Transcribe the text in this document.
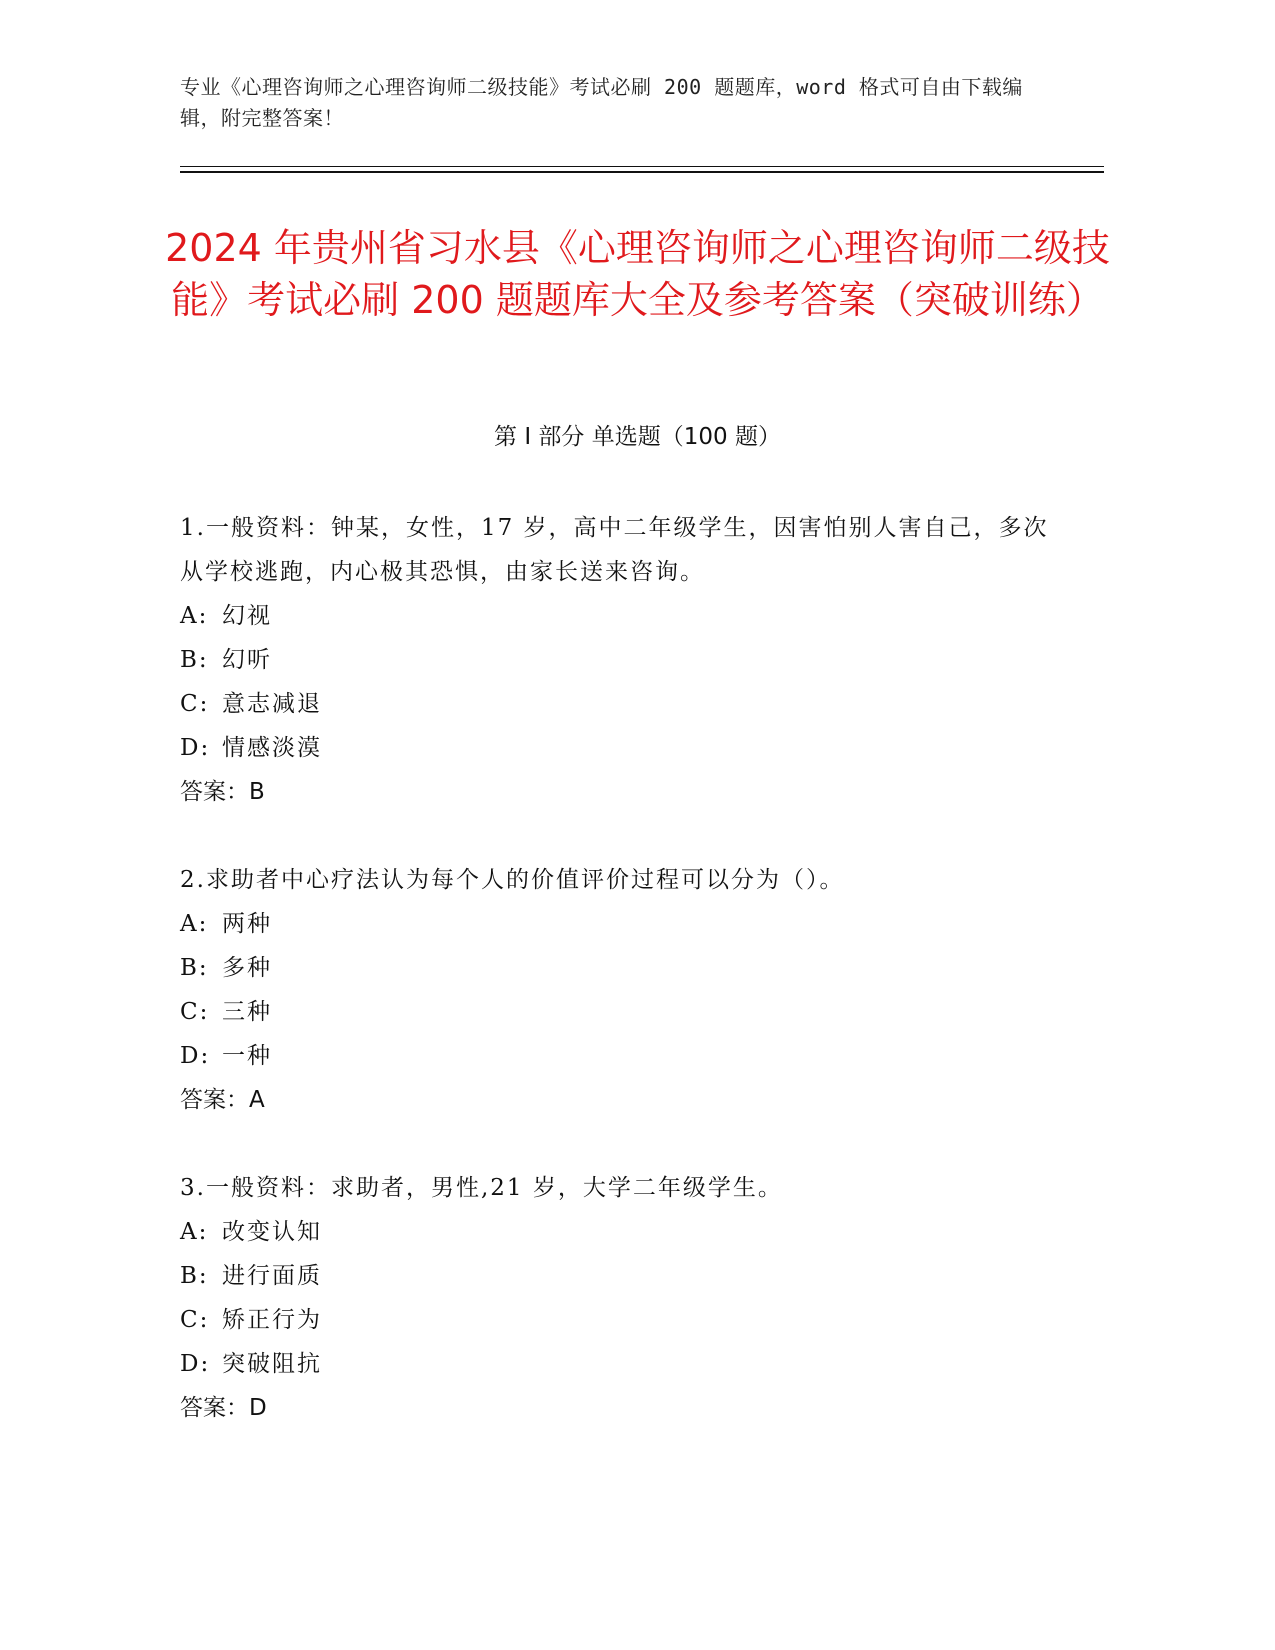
专业《心理咨询师之心理咨询师二级技能》考试必刷 200 题题库，word 格式可自由下载编辑，附完整答案！
2024 年贵州省习水县《心理咨询师之心理咨询师二级技能》考试必刷 200 题题库大全及参考答案（突破训练）
第 I 部分 单选题（100 题）

1.一般资料：钟某，女性，17 岁，高中二年级学生，因害怕别人害自己，多次从学校逃跑，内心极其恐惧，由家长送来咨询。

A: 幻视

B: 幻听

C: 意志减退

D: 情感淡漠

答案：B

2.求助者中心疗法认为每个人的价值评价过程可以分为（）。

A: 两种

B: 多种

C: 三种

D: 一种

答案：A

3.一般资料：求助者，男性,21 岁，大学二年级学生。

A: 改变认知

B: 进行面质

C: 矫正行为

D: 突破阻抗

答案：D
